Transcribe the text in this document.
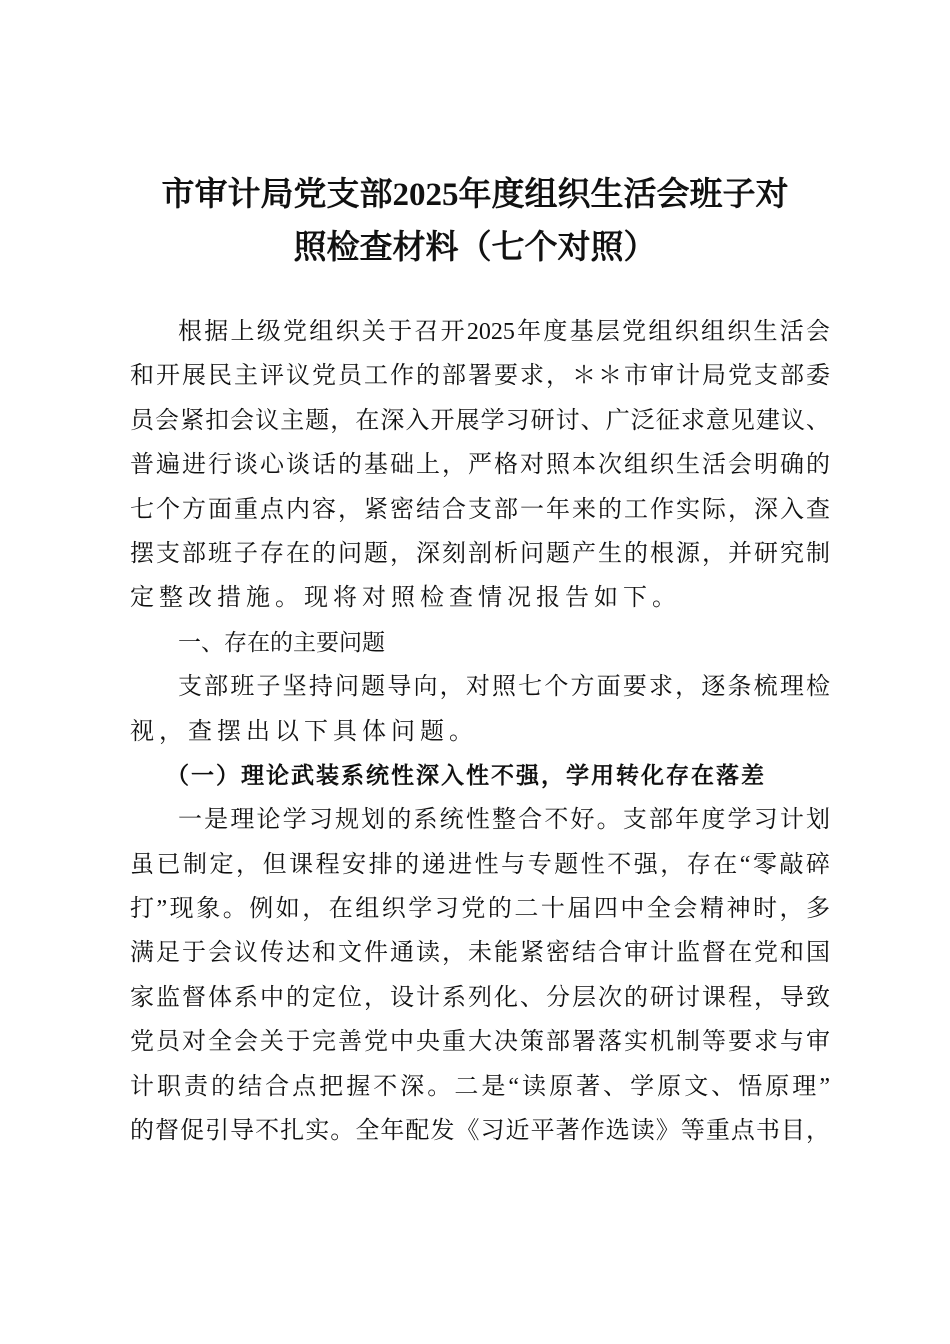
市审计局党支部2025年度组织生活会班子对
照检查材料（七个对照）
根据上级党组织关于召开2025年度基层党组织组织生活会
和开展民主评议党员工作的部署要求，＊＊市审计局党支部委
员会紧扣会议主题，在深入开展学习研讨、广泛征求意见建议、
普遍进行谈心谈话的基础上，严格对照本次组织生活会明确的
七个方面重点内容，紧密结合支部一年来的工作实际，深入查
摆支部班子存在的问题，深刻剖析问题产生的根源，并研究制
定整改措施。现将对照检查情况报告如下。
一、存在的主要问题
支部班子坚持问题导向，对照七个方面要求，逐条梳理检
视，查摆出以下具体问题。
（一）理论武装系统性深入性不强，学用转化存在落差
一是理论学习规划的系统性整合不好。支部年度学习计划
虽已制定，但课程安排的递进性与专题性不强，存在“零敲碎
打”现象。例如，在组织学习党的二十届四中全会精神时，多
满足于会议传达和文件通读，未能紧密结合审计监督在党和国
家监督体系中的定位，设计系列化、分层次的研讨课程，导致
党员对全会关于完善党中央重大决策部署落实机制等要求与审
计职责的结合点把握不深。二是“读原著、学原文、悟原理”
的督促引导不扎实。全年配发《习近平著作选读》等重点书目，
